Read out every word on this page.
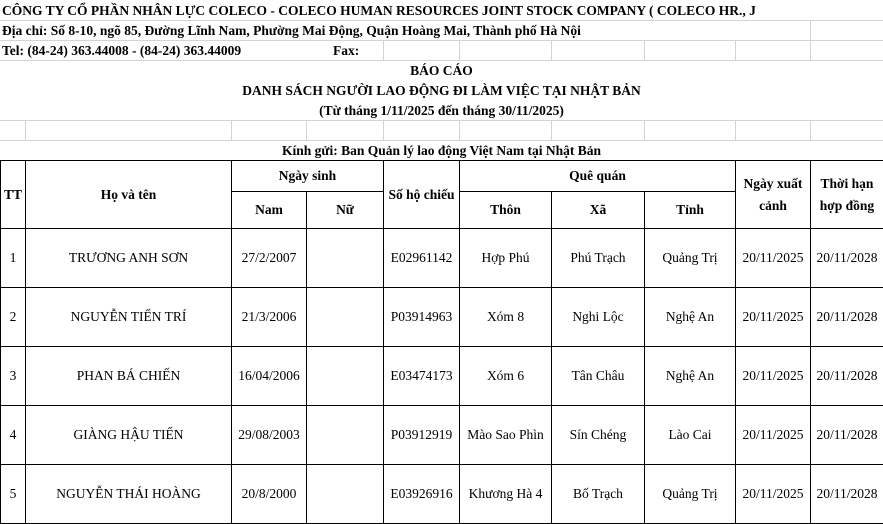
CÔNG TY CỔ PHẦN NHÂN LỰC COLECO - COLECO HUMAN RESOURCES JOINT STOCK COMPANY ( COLECO HR., J
Địa chỉ: Số 8-10, ngõ 85, Đường Lĩnh Nam, Phường Mai Động, Quận Hoàng Mai, Thành phố Hà Nội
Tel: (84-24) 363.44008 - (84-24) 363.44009	Fax:
BÁO CÁO
DANH SÁCH NGƯỜI LAO ĐỘNG ĐI LÀM VIỆC TẠI NHẬT BẢN
(Từ tháng 1/11/2025 đến tháng 30/11/2025)
Kính gửi: Ban Quản lý lao động Việt Nam tại Nhật Bản
TT	Họ và tên	Ngày sinh		Số hộ chiếu	Quê quán			Ngày xuất cảnh	Thời hạn hợp đồng
		Nam	Nữ		Thôn	Xã	Tỉnh		
1	TRƯƠNG ANH SƠN	27/2/2007		E02961142	Hợp Phú	Phú Trạch	Quảng Trị	20/11/2025	20/11/2028
2	NGUYỄN TIẾN TRÍ	21/3/2006		P03914963	Xóm 8	Nghi Lộc	Nghệ An	20/11/2025	20/11/2028
3	PHAN BÁ CHIẾN	16/04/2006		E03474173	Xóm 6	Tân Châu	Nghệ An	20/11/2025	20/11/2028
4	GIÀNG HẬU TIẾN	29/08/2003		P03912919	Mào Sao Phìn	Sín Chéng	Lào Cai	20/11/2025	20/11/2028
5	NGUYỄN THÁI HOÀNG	20/8/2000		E03926916	Khương Hà 4	Bố Trạch	Quảng Trị	20/11/2025	20/11/2028
